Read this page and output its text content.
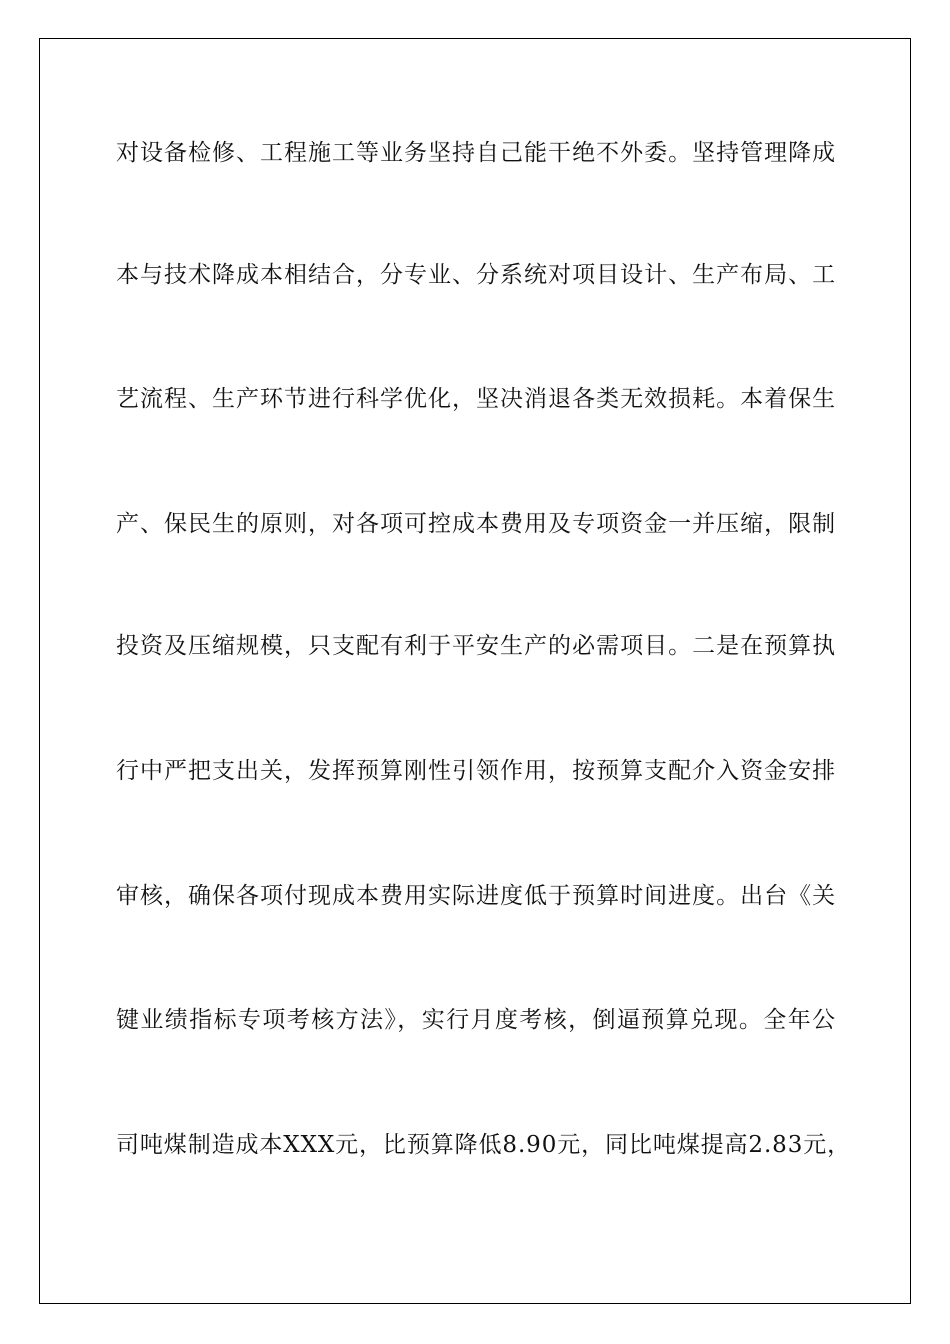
对设备检修、工程施工等业务坚持自己能干绝不外委。坚持管理降成
本与技术降成本相结合，分专业、分系统对项目设计、生产布局、工
艺流程、生产环节进行科学优化，坚决消退各类无效损耗。本着保生
产、保民生的原则，对各项可控成本费用及专项资金一并压缩，限制
投资及压缩规模，只支配有利于平安生产的必需项目。二是在预算执
行中严把支出关，发挥预算刚性引领作用，按预算支配介入资金安排
审核，确保各项付现成本费用实际进度低于预算时间进度。出台《关
键业绩指标专项考核方法》，实行月度考核，倒逼预算兑现。全年公
司吨煤制造成本XXX元，比预算降低8.90元，同比吨煤提高2.83元，
